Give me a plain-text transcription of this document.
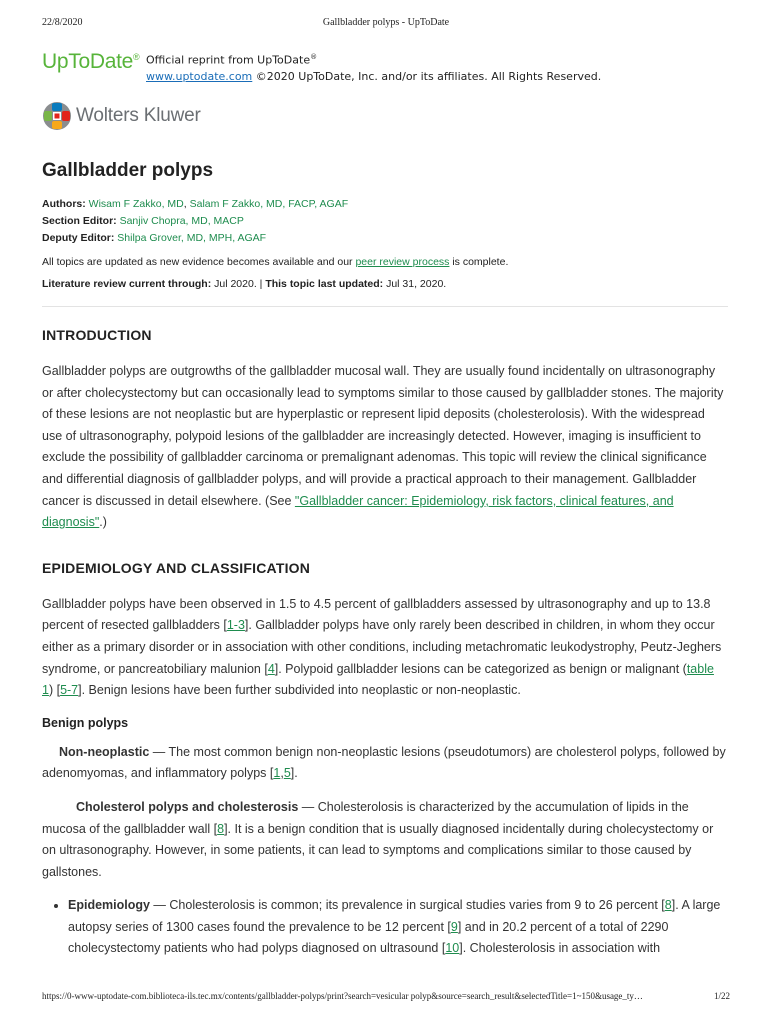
22/8/2020	Gallbladder polyps - UpToDate
UpToDate® Official reprint from UpToDate®
www.uptodate.com ©2020 UpToDate, Inc. and/or its affiliates. All Rights Reserved.
Wolters Kluwer
Gallbladder polyps
Authors: Wisam F Zakko, MD, Salam F Zakko, MD, FACP, AGAF
Section Editor: Sanjiv Chopra, MD, MACP
Deputy Editor: Shilpa Grover, MD, MPH, AGAF
All topics are updated as new evidence becomes available and our peer review process is complete.
Literature review current through: Jul 2020. | This topic last updated: Jul 31, 2020.
INTRODUCTION

Gallbladder polyps are outgrowths of the gallbladder mucosal wall. They are usually found incidentally on ultrasonography or after cholecystectomy but can occasionally lead to symptoms similar to those caused by gallbladder stones. The majority of these lesions are not neoplastic but are hyperplastic or represent lipid deposits (cholesterolosis). With the widespread use of ultrasonography, polypoid lesions of the gallbladder are increasingly detected. However, imaging is insufficient to exclude the possibility of gallbladder carcinoma or premalignant adenomas. This topic will review the clinical significance and differential diagnosis of gallbladder polyps, and will provide a practical approach to their management. Gallbladder cancer is discussed in detail elsewhere. (See "Gallbladder cancer: Epidemiology, risk factors, clinical features, and diagnosis".)

EPIDEMIOLOGY AND CLASSIFICATION

Gallbladder polyps have been observed in 1.5 to 4.5 percent of gallbladders assessed by ultrasonography and up to 13.8 percent of resected gallbladders [1-3]. Gallbladder polyps have only rarely been described in children, in whom they occur either as a primary disorder or in association with other conditions, including metachromatic leukodystrophy, Peutz-Jeghers syndrome, or pancreatobiliary malunion [4]. Polypoid gallbladder lesions can be categorized as benign or malignant (table 1) [5-7]. Benign lesions have been further subdivided into neoplastic or non-neoplastic.

Benign polyps

Non-neoplastic — The most common benign non-neoplastic lesions (pseudotumors) are cholesterol polyps, followed by adenomyomas, and inflammatory polyps [1,5].

Cholesterol polyps and cholesterosis — Cholesterolosis is characterized by the accumulation of lipids in the mucosa of the gallbladder wall [8]. It is a benign condition that is usually diagnosed incidentally during cholecystectomy or on ultrasonography. However, in some patients, it can lead to symptoms and complications similar to those caused by gallstones.

• Epidemiology — Cholesterolosis is common; its prevalence in surgical studies varies from 9 to 26 percent [8]. A large autopsy series of 1300 cases found the prevalence to be 12 percent [9] and in 20.2 percent of a total of 2290 cholecystectomy patients who had polyps diagnosed on ultrasound [10]. Cholesterolosis in association with
https://0-www-uptodate-com.biblioteca-ils.tec.mx/contents/gallbladder-polyps/print?search=vesicular polyp&source=search_result&selectedTitle=1~150&usage_ty…	1/22
